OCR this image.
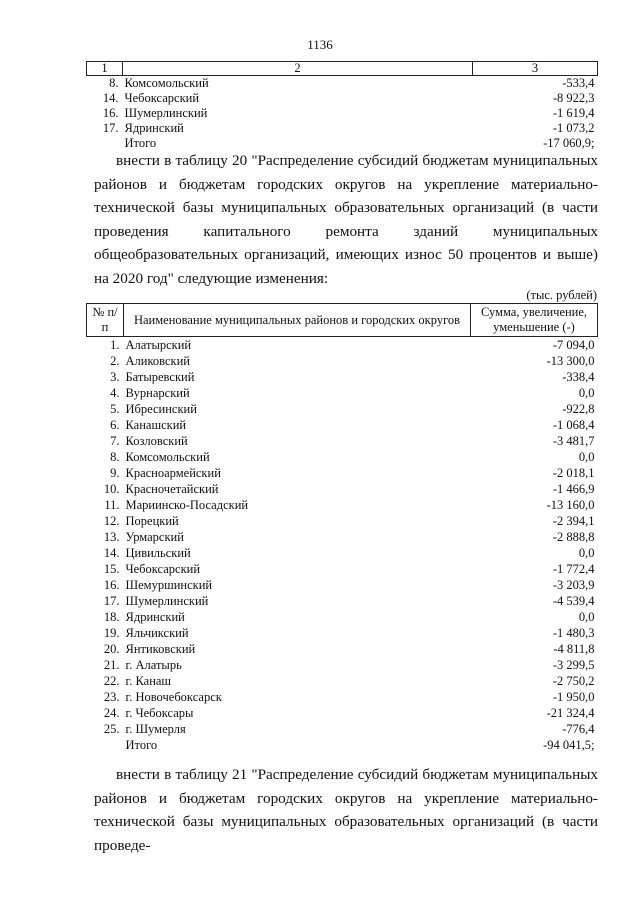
1136
1	2	3
8.	Комсомольский	-533,4
14.	Чебоксарский	-8 922,3
16.	Шумерлинский	-1 619,4
17.	Ядринский	-1 073,2
	Итого	-17 060,9;

внести в таблицу 20 "Распределение субсидий бюджетам муниципальных районов и бюджетам городских округов на укрепление материально-технической базы муниципальных образовательных организаций (в части проведения капитального ремонта зданий муниципальных общеобразовательных организаций, имеющих износ 50 процентов и выше) на 2020 год" следующие изменения:

(тыс. рублей)
№ п/п	Наименование муниципальных районов и городских округов	Сумма, увеличение, уменьшение (-)
1.	Алатырский	-7 094,0
2.	Аликовский	-13 300,0
3.	Батыревский	-338,4
4.	Вурнарский	0,0
5.	Ибресинский	-922,8
6.	Канашский	-1 068,4
7.	Козловский	-3 481,7
8.	Комсомольский	0,0
9.	Красноармейский	-2 018,1
10.	Красночетайский	-1 466,9
11.	Мариинско-Посадский	-13 160,0
12.	Порецкий	-2 394,1
13.	Урмарский	-2 888,8
14.	Цивильский	0,0
15.	Чебоксарский	-1 772,4
16.	Шемуршинский	-3 203,9
17.	Шумерлинский	-4 539,4
18.	Ядринский	0,0
19.	Яльчикский	-1 480,3
20.	Янтиковский	-4 811,8
21.	г. Алатырь	-3 299,5
22.	г. Канаш	-2 750,2
23.	г. Новочебоксарск	-1 950,0
24.	г. Чебоксары	-21 324,4
25.	г. Шумерля	-776,4
	Итого	-94 041,5;

внести в таблицу 21 "Распределение субсидий бюджетам муниципальных районов и бюджетам городских округов на укрепление материально-технической базы муниципальных образовательных организаций (в части проведе-
